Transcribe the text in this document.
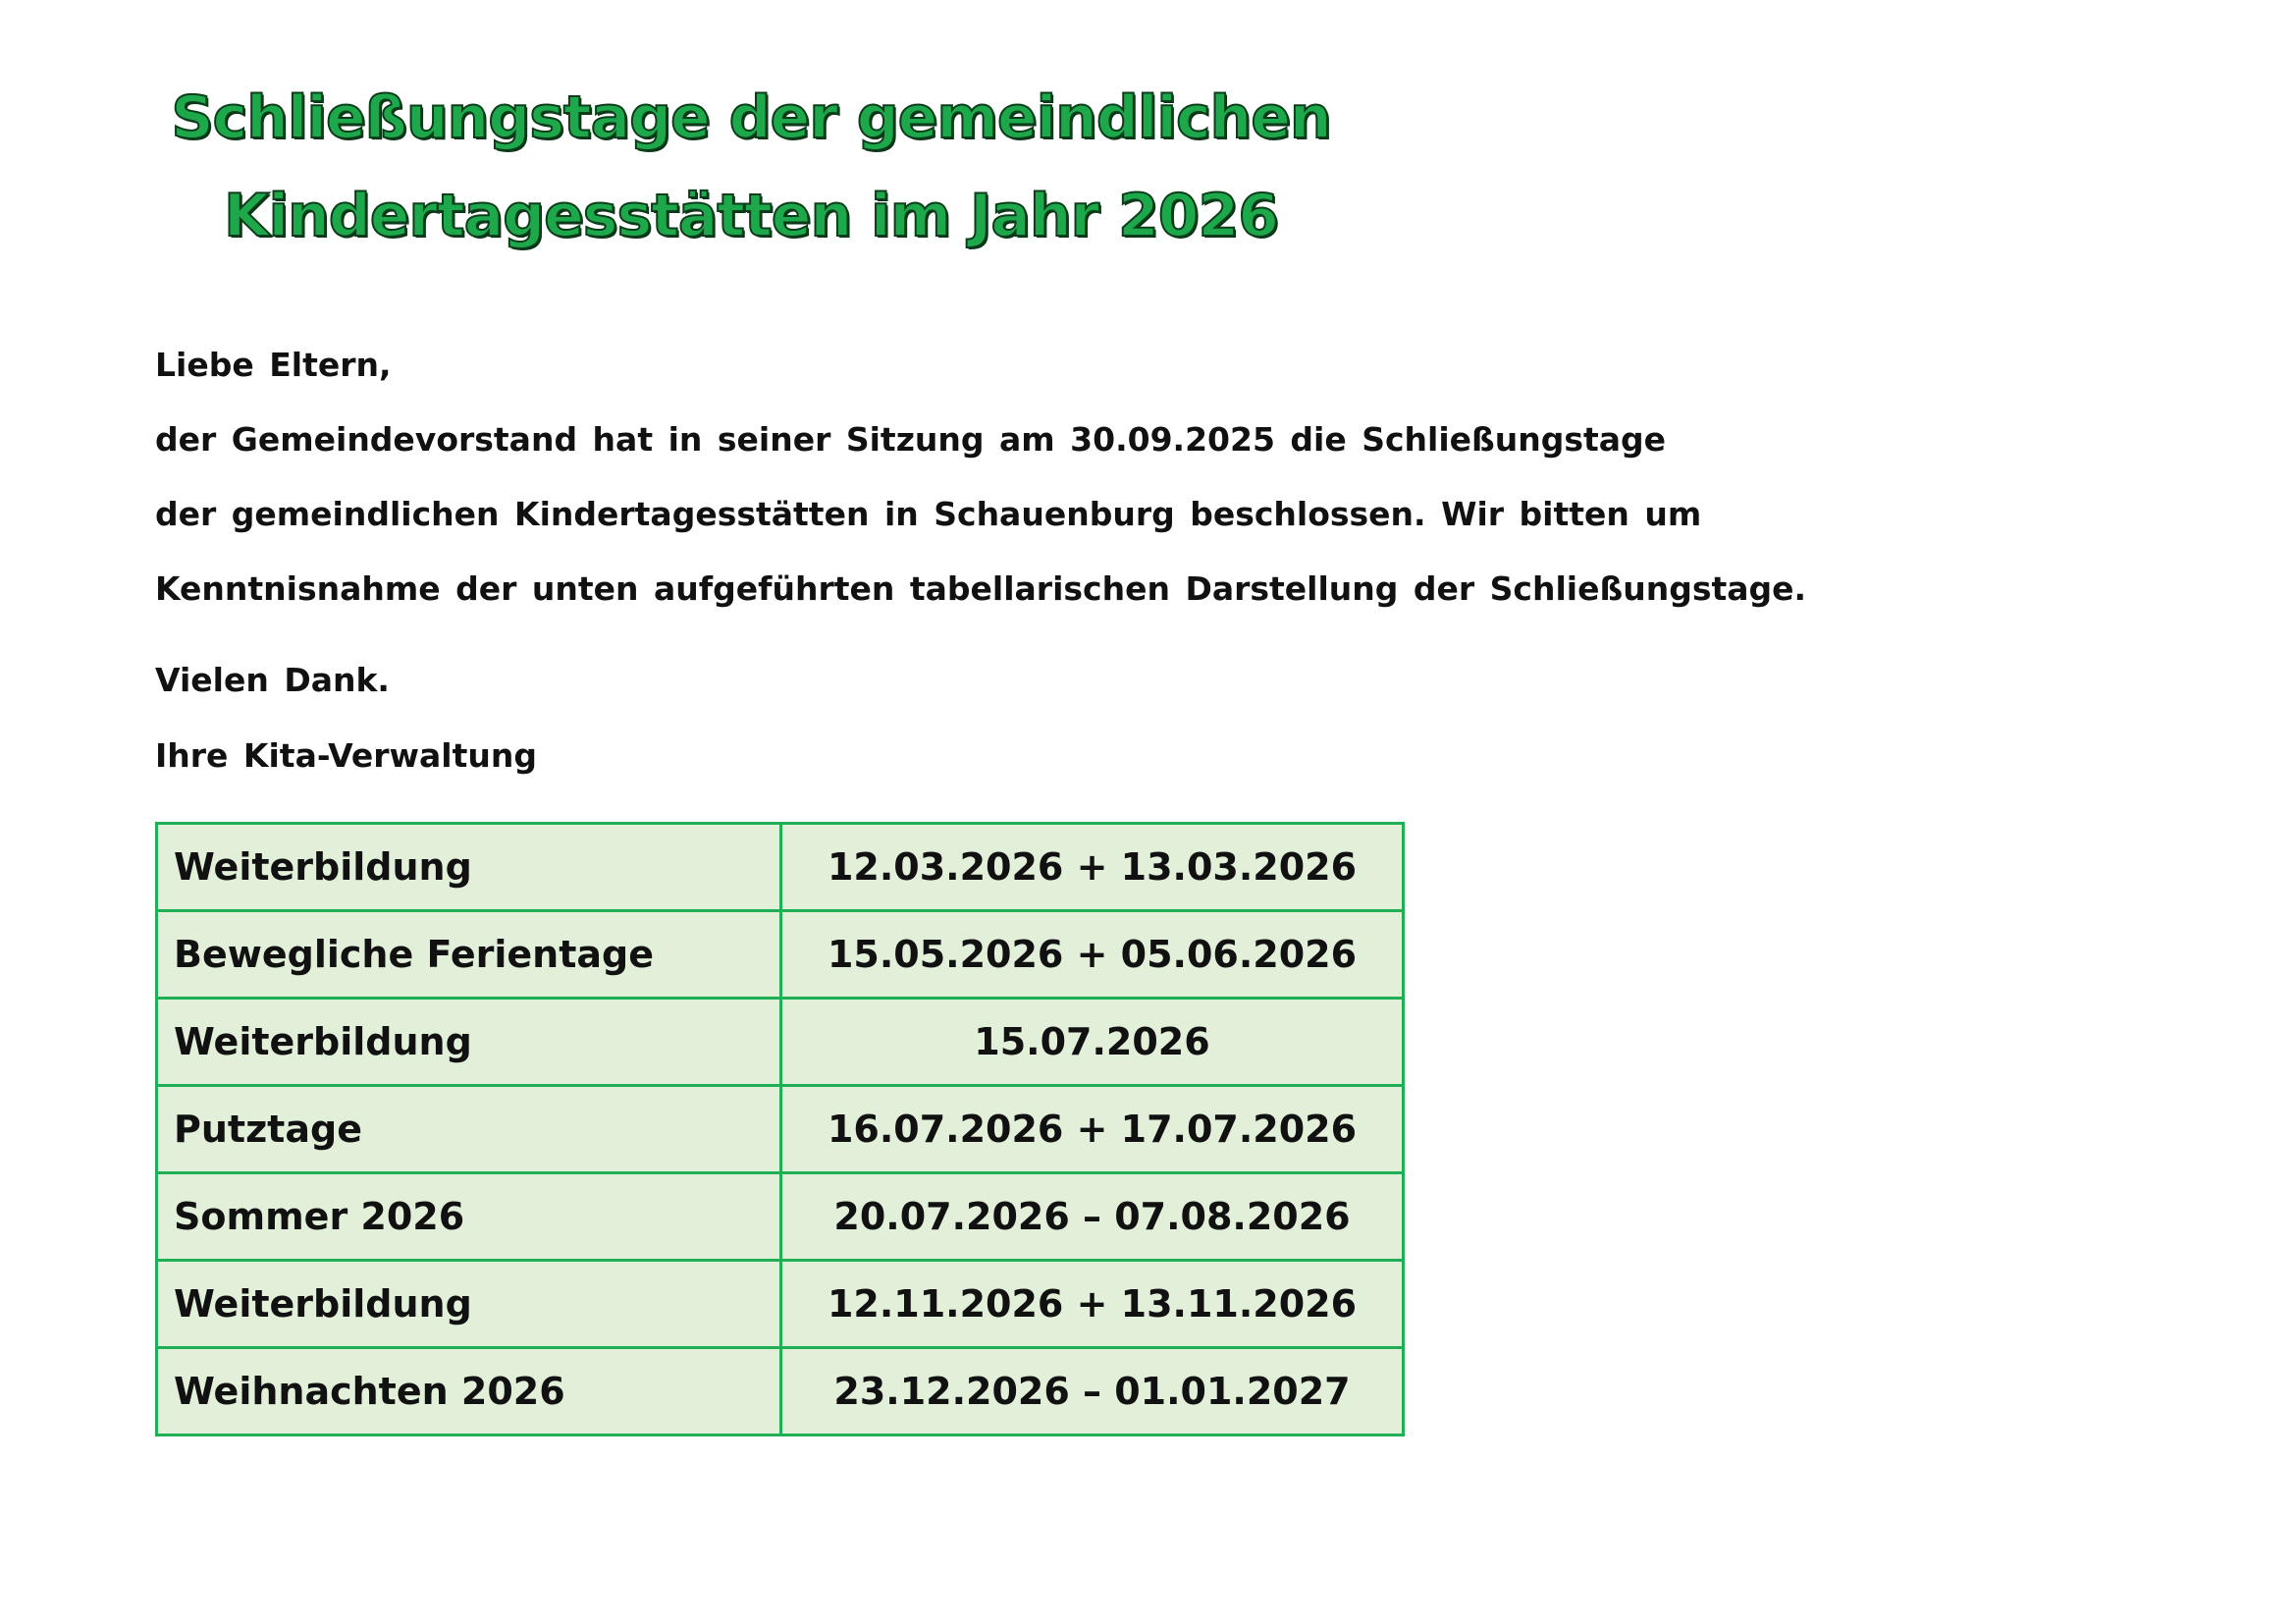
Schließungstage der gemeindlichen
Kindertagesstätten im Jahr 2026
Liebe Eltern,
der Gemeindevorstand hat in seiner Sitzung am 30.09.2025 die Schließungstage
der gemeindlichen Kindertagesstätten in Schauenburg beschlossen. Wir bitten um
Kenntnisnahme der unten aufgeführten tabellarischen Darstellung der Schließungstage.
Vielen Dank.
Ihre Kita-Verwaltung
Weiterbildung	12.03.2026 + 13.03.2026
Bewegliche Ferientage	15.05.2026 + 05.06.2026
Weiterbildung	15.07.2026
Putztage	16.07.2026 + 17.07.2026
Sommer 2026	20.07.2026 – 07.08.2026
Weiterbildung	12.11.2026 + 13.11.2026
Weihnachten 2026	23.12.2026 – 01.01.2027
